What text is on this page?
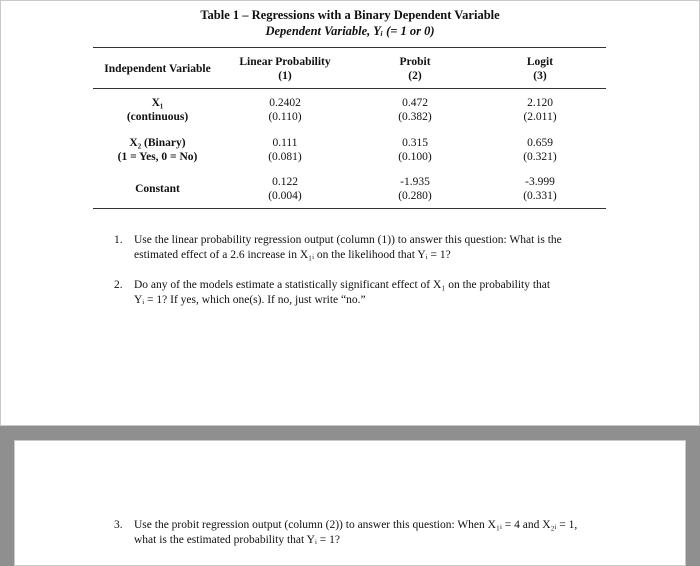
Table 1 – Regressions with a Binary Dependent Variable
Dependent Variable, Yᵢ (= 1 or 0)
Independent Variable
Linear Probability
(1)
Probit
(2)
Logit
(3)
X₁
(continuous)
0.2402
(0.110)
0.472
(0.382)
2.120
(2.011)
X₂ (Binary)
(1 = Yes, 0 = No)
0.111
(0.081)
0.315
(0.100)
0.659
(0.321)
Constant
0.122
(0.004)
-1.935
(0.280)
-3.999
(0.331)
1. Use the linear probability regression output (column (1)) to answer this question: What is the
estimated effect of a 2.6 increase in X₁ᵢ on the likelihood that Yᵢ = 1?
2. Do any of the models estimate a statistically significant effect of X₁ on the probability that
Yᵢ = 1? If yes, which one(s). If no, just write “no.”
3. Use the probit regression output (column (2)) to answer this question: When X₁ᵢ = 4 and X₂ᵢ = 1,
what is the estimated probability that Yᵢ = 1?
